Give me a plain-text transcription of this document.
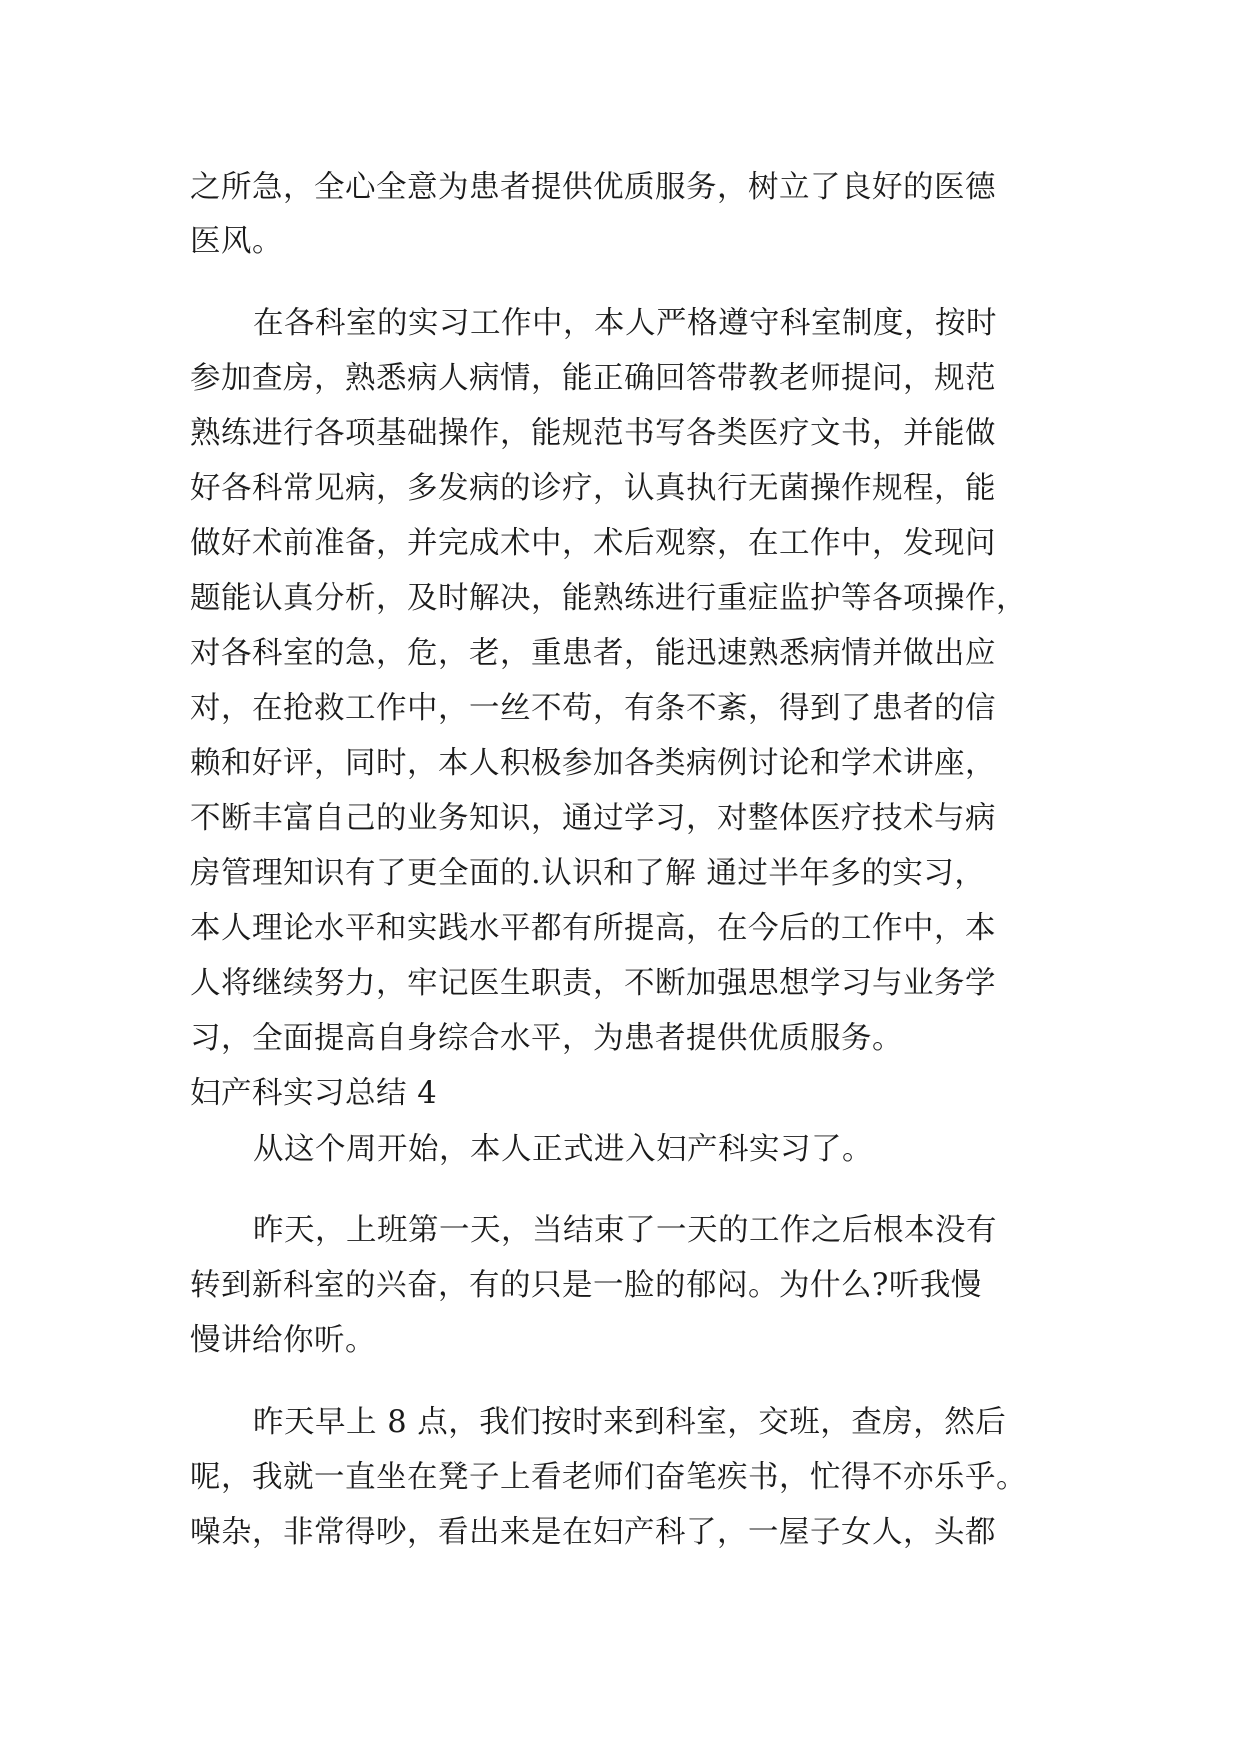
之所急，全心全意为患者提供优质服务，树立了良好的医德
医风。
在各科室的实习工作中，本人严格遵守科室制度，按时
参加查房，熟悉病人病情，能正确回答带教老师提问，规范
熟练进行各项基础操作，能规范书写各类医疗文书，并能做
好各科常见病，多发病的诊疗，认真执行无菌操作规程，能
做好术前准备，并完成术中，术后观察，在工作中，发现问
题能认真分析，及时解决，能熟练进行重症监护等各项操作，
对各科室的急，危，老，重患者，能迅速熟悉病情并做出应
对，在抢救工作中，一丝不苟，有条不紊，得到了患者的信
赖和好评，同时，本人积极参加各类病例讨论和学术讲座，
不断丰富自己的业务知识，通过学习，对整体医疗技术与病
房管理知识有了更全面的.认识和了解 通过半年多的实习，
本人理论水平和实践水平都有所提高，在今后的工作中，本
人将继续努力，牢记医生职责，不断加强思想学习与业务学
习，全面提高自身综合水平，为患者提供优质服务。
妇产科实习总结 4
从这个周开始，本人正式进入妇产科实习了。
昨天，上班第一天，当结束了一天的工作之后根本没有
转到新科室的兴奋，有的只是一脸的郁闷。为什么?听我慢
慢讲给你听。
昨天早上 8 点，我们按时来到科室，交班，查房，然后
呢，我就一直坐在凳子上看老师们奋笔疾书，忙得不亦乐乎。
噪杂，非常得吵，看出来是在妇产科了，一屋子女人，头都
